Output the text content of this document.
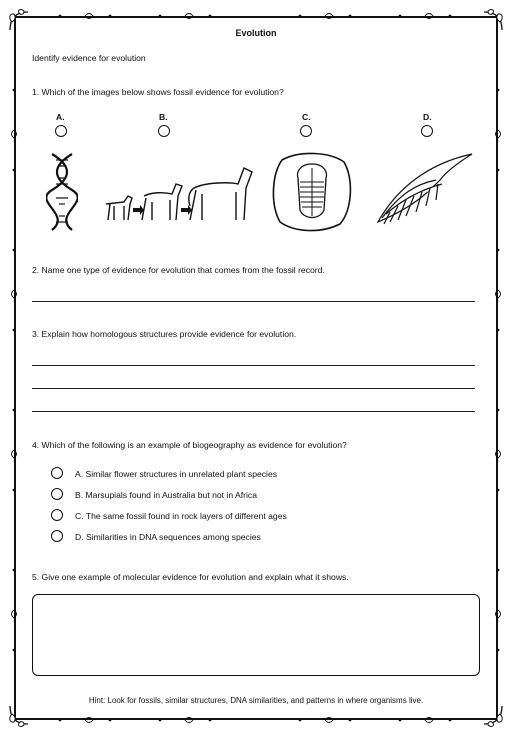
Evolution
Identify evidence for evolution
1. Which of the images below shows fossil evidence for evolution?
A.	B.	C.	D.
2. Name one type of evidence for evolution that comes from the fossil record.
3. Explain how homologous structures provide evidence for evolution.
4. Which of the following is an example of biogeography as evidence for evolution?
A. Similar flower structures in unrelated plant species
B. Marsupials found in Australia but not in Africa
C. The same fossil found in rock layers of different ages
D. Similarities in DNA sequences among species
5. Give one example of molecular evidence for evolution and explain what it shows.
Hint: Look for fossils, similar structures, DNA similarities, and patterns in where organisms live.
